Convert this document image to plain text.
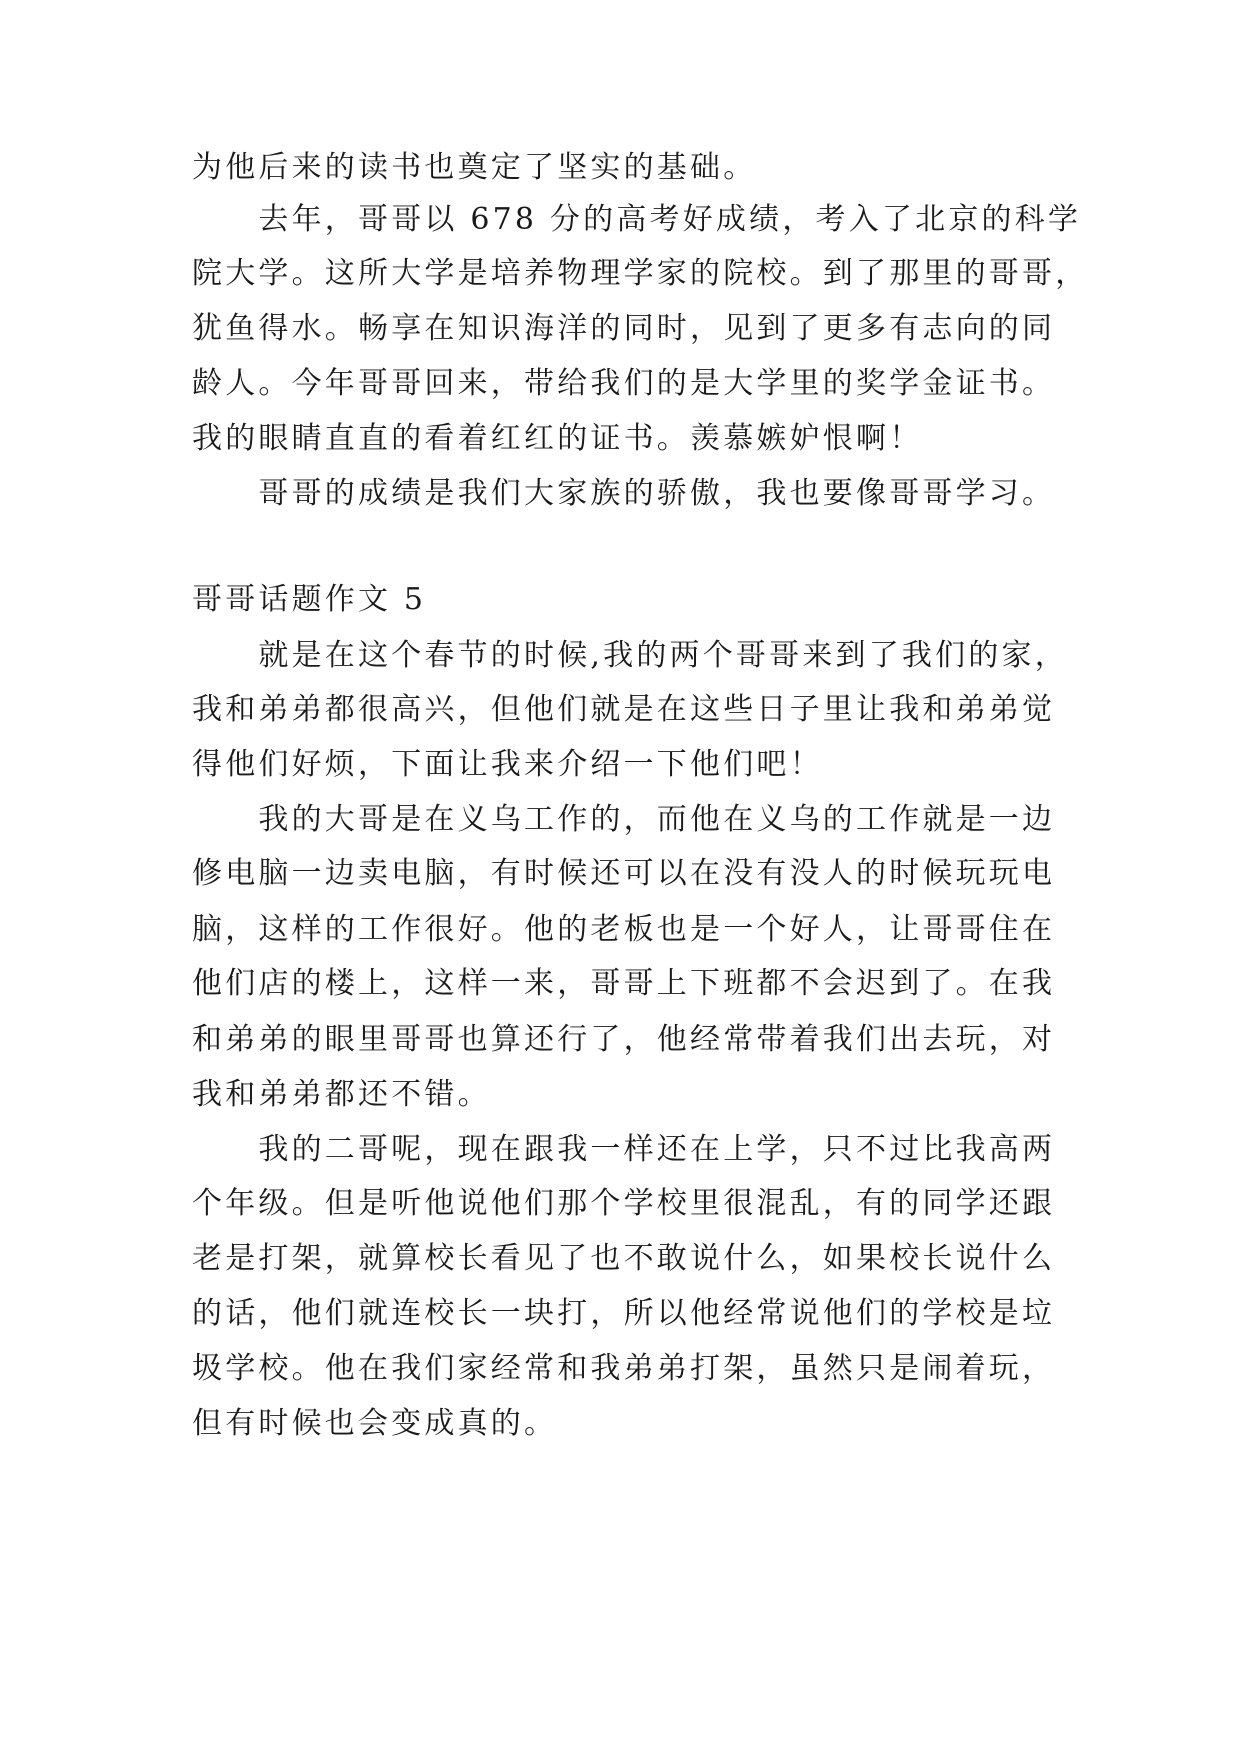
为他后来的读书也奠定了坚实的基础。
　　去年，哥哥以 678 分的高考好成绩，考入了北京的科学
院大学。这所大学是培养物理学家的院校。到了那里的哥哥，
犹鱼得水。畅享在知识海洋的同时，见到了更多有志向的同
龄人。今年哥哥回来，带给我们的是大学里的奖学金证书。
我的眼睛直直的看着红红的证书。羡慕嫉妒恨啊！
　　哥哥的成绩是我们大家族的骄傲，我也要像哥哥学习。
哥哥话题作文 5
　　就是在这个春节的时候,我的两个哥哥来到了我们的家，
我和弟弟都很高兴，但他们就是在这些日子里让我和弟弟觉
得他们好烦，下面让我来介绍一下他们吧！
　　我的大哥是在义乌工作的，而他在义乌的工作就是一边
修电脑一边卖电脑，有时候还可以在没有没人的时候玩玩电
脑，这样的工作很好。他的老板也是一个好人，让哥哥住在
他们店的楼上，这样一来，哥哥上下班都不会迟到了。在我
和弟弟的眼里哥哥也算还行了，他经常带着我们出去玩，对
我和弟弟都还不错。
　　我的二哥呢，现在跟我一样还在上学，只不过比我高两
个年级。但是听他说他们那个学校里很混乱，有的同学还跟
老是打架，就算校长看见了也不敢说什么，如果校长说什么
的话，他们就连校长一块打，所以他经常说他们的学校是垃
圾学校。他在我们家经常和我弟弟打架，虽然只是闹着玩，
但有时候也会变成真的。
